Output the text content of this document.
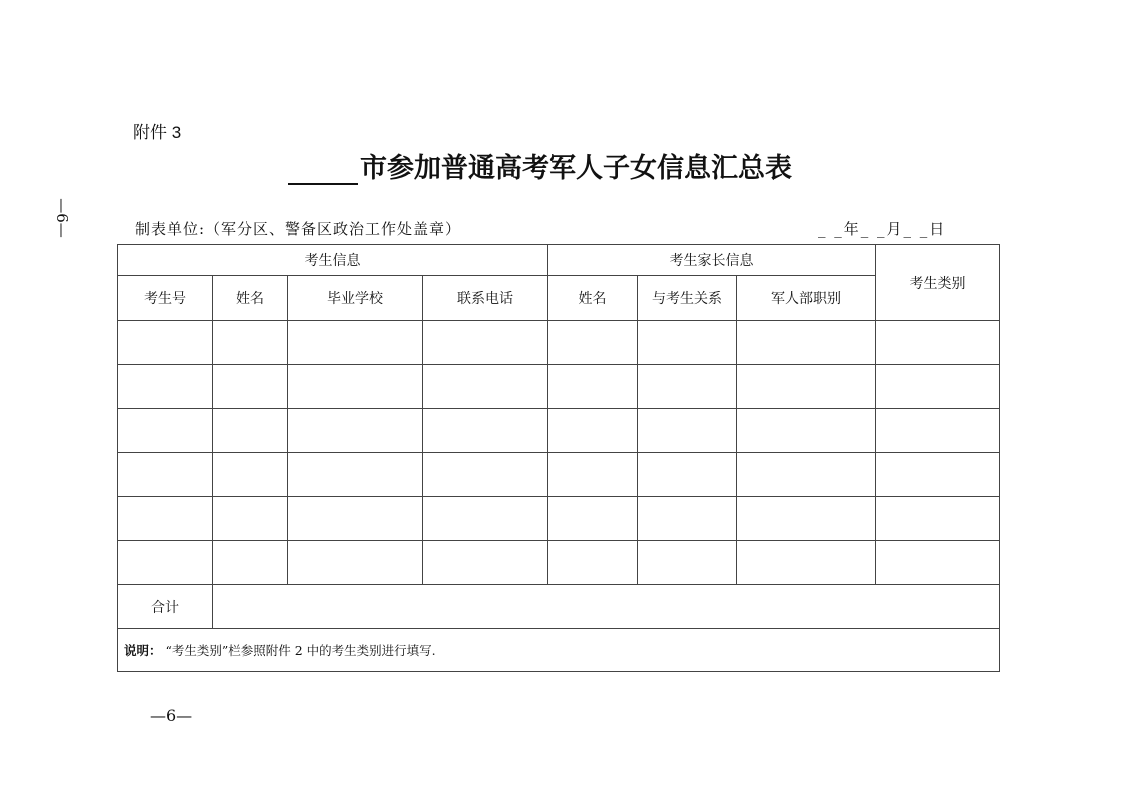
附件 3
市参加普通高考军人子女信息汇总表
—6—	制表单位:（军分区、警备区政治工作处盖章）	_ _年_ _月_ _日
考生信息				考生家长信息			考生类别
考生号	姓名	毕业学校	联系电话	姓名	与考生关系	军人部职别	

合计							
说明： “考生类别”栏参照附件 2 中的考生类别进行填写.							
—6—
